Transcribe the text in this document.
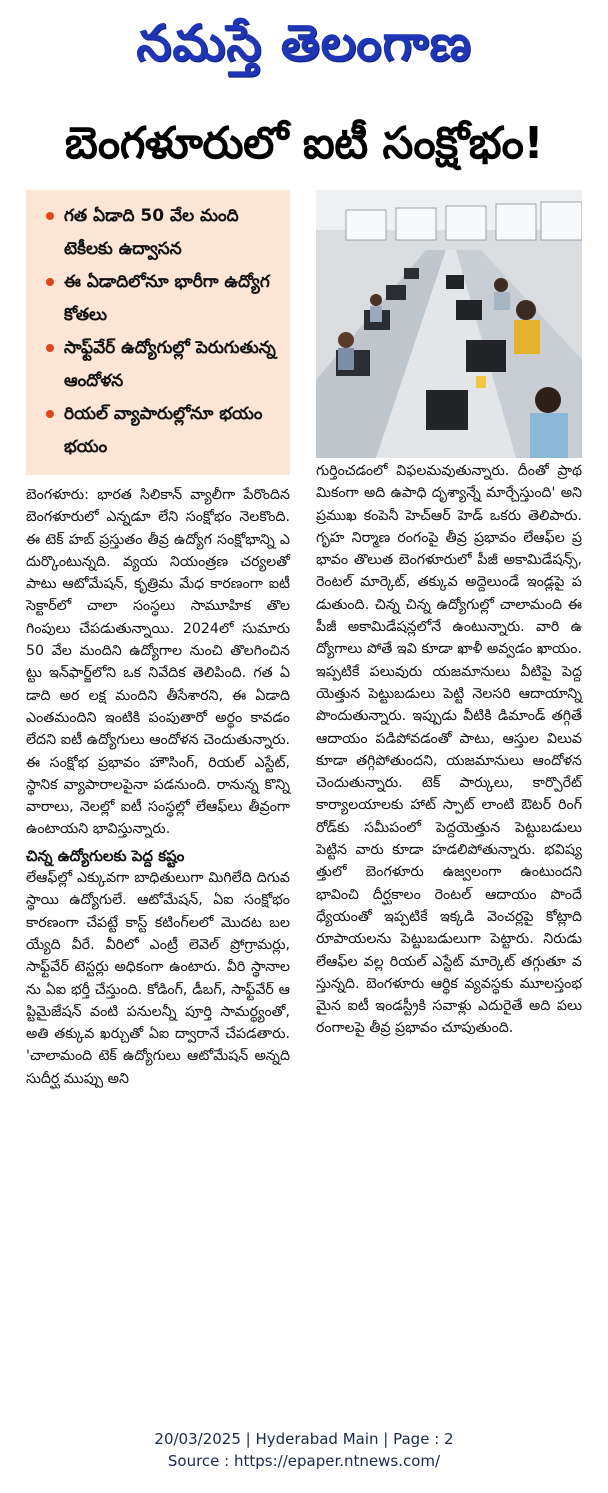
నమస్తే తెలంగాణ
బెంగళూరులో ఐటీ సంక్షోభం!
గత ఏడాది 50 వేల మంది టెకీలకు ఉద్వాసన
ఈ ఏడాదిలోనూ భారీగా ఉద్యోగ కోతలు
సాఫ్ట్‌వేర్ ఉద్యోగుల్లో పెరుగుతున్న ఆందోళన
రియల్ వ్యాపారుల్లోనూ భయం భయం

బెంగళూరు: భారత సిలికాన్ వ్యాలీగా పేరొందిన బెంగళూరులో ఎన్నడూ లేని సంక్షోభం నెలకొంది. ఈ టెక్ హబ్ ప్రస్తుతం తీవ్ర ఉద్యోగ సంక్షోభాన్ని ఎదుర్కొంటున్నది. వ్యయ నియంత్రణ చర్యలతో పాటు ఆటోమేషన్, కృత్రిమ మేధ కారణంగా ఐటీ సెక్టార్‌లో చాలా సంస్థలు సామూహిక తొలగింపులు చేపడుతున్నాయి. 2024లో సుమారు 50 వేల మందిని ఉద్యోగాల నుంచి తొలగించినట్టు ఇన్‌ఫార్జ్‌లోని ఒక నివేదిక తెలిపింది. గత ఏడాది అర లక్ష మందిని తీసేశారని, ఈ ఏడాది ఎంతమందిని ఇంటికి పంపుతారో అర్థం కావడం లేదని ఐటీ ఉద్యోగులు ఆందోళన చెందుతున్నారు. ఈ సంక్షోభ ప్రభావం హౌసింగ్, రియల్ ఎస్టేట్, స్థానిక వ్యాపారాలపైనా పడనుంది. రానున్న కొన్ని వారాలు, నెలల్లో ఐటీ సంస్థల్లో లేఆఫ్‌లు తీవ్రంగా ఉంటాయని భావిస్తున్నారు.

చిన్న ఉద్యోగులకు పెద్ద కష్టం

లేఆఫ్‌ల్లో ఎక్కువగా బాధితులుగా మిగిలేది దిగువ స్థాయి ఉద్యోగులే. ఆటోమేషన్, ఏఐ సంక్షోభం కారణంగా చేపట్టే కాస్ట్ కటింగ్‌లలో మొదట బలయ్యేది వీరే. వీరిలో ఎంట్రీ లెవెల్ ప్రోగ్రామర్లు, సాఫ్ట్‌వేర్ టెస్టర్లు అధికంగా ఉంటారు. వీరి స్థానాలను ఏఐ భర్తీ చేస్తుంది. కోడింగ్, డీబగ్, సాఫ్ట్‌వేర్ ఆప్టిమైజేషన్ వంటి పనులన్నీ పూర్తి సామర్థ్యంతో, అతి తక్కువ ఖర్చుతో ఏఐ ద్వారానే చేపడతారు. 'చాలామంది టెక్ ఉద్యోగులు ఆటోమేషన్ అన్నది సుదీర్ఘ ముప్పు అని

గుర్తించడంలో విఫలమవుతున్నారు. దీంతో ప్రాథమికంగా అది ఉపాధి దృశ్యాన్నే మార్చేస్తుంది' అని ప్రముఖ కంపెనీ హెచ్‌ఆర్ హెడ్ ఒకరు తెలిపారు. గృహ నిర్మాణ రంగంపై తీవ్ర ప్రభావం లేఆఫ్‌ల ప్రభావం తొలుత బెంగళూరులో పీజీ అకామిడేషన్స్, రెంటల్ మార్కెట్, తక్కువ అద్దెలుండే ఇండ్లపై పడుతుంది. చిన్న చిన్న ఉద్యోగుల్లో చాలామంది ఈ పీజీ అకామిడేషన్లలోనే ఉంటున్నారు. వారి ఉద్యోగాలు పోతే ఇవి కూడా ఖాళీ అవ్వడం ఖాయం. ఇప్పటికే పలువురు యజమానులు వీటిపై పెద్దయెత్తున పెట్టుబడులు పెట్టి నెలసరి ఆదాయాన్ని పొందుతున్నారు. ఇప్పుడు వీటికి డిమాండ్ తగ్గితే ఆదాయం పడిపోవడంతో పాటు, ఆస్తుల విలువ కూడా తగ్గిపోతుందని, యజమానులు ఆందోళన చెందుతున్నారు. టెక్ పార్కులు, కార్పొరేట్ కార్యాలయాలకు హాట్ స్పాట్ లాంటి ఔటర్ రింగ్ రోడ్‌కు సమీపంలో పెద్దయెత్తున పెట్టుబడులు పెట్టిన వారు కూడా హడలిపోతున్నారు. భవిష్యత్తులో బెంగళూరు ఉజ్వలంగా ఉంటుందని భావించి దీర్ఘకాలం రెంటల్ ఆదాయం పొందే ధ్యేయంతో ఇప్పటికే ఇక్కడి వెంచర్లపై కోట్లాది రూపాయలను పెట్టుబడులుగా పెట్టారు. నిరుడు లేఆఫ్‌ల వల్ల రియల్ ఎస్టేట్ మార్కెట్ తగ్గుతూ వస్తున్నది. బెంగళూరు ఆర్థిక వ్యవస్థకు మూలస్తంభమైన ఐటీ ఇండస్ట్రీకి సవాళ్లు ఎదురైతే అది పలు రంగాలపై తీవ్ర ప్రభావం చూపుతుంది.

20/03/2025 | Hyderabad Main | Page : 2
Source : https://epaper.ntnews.com/
